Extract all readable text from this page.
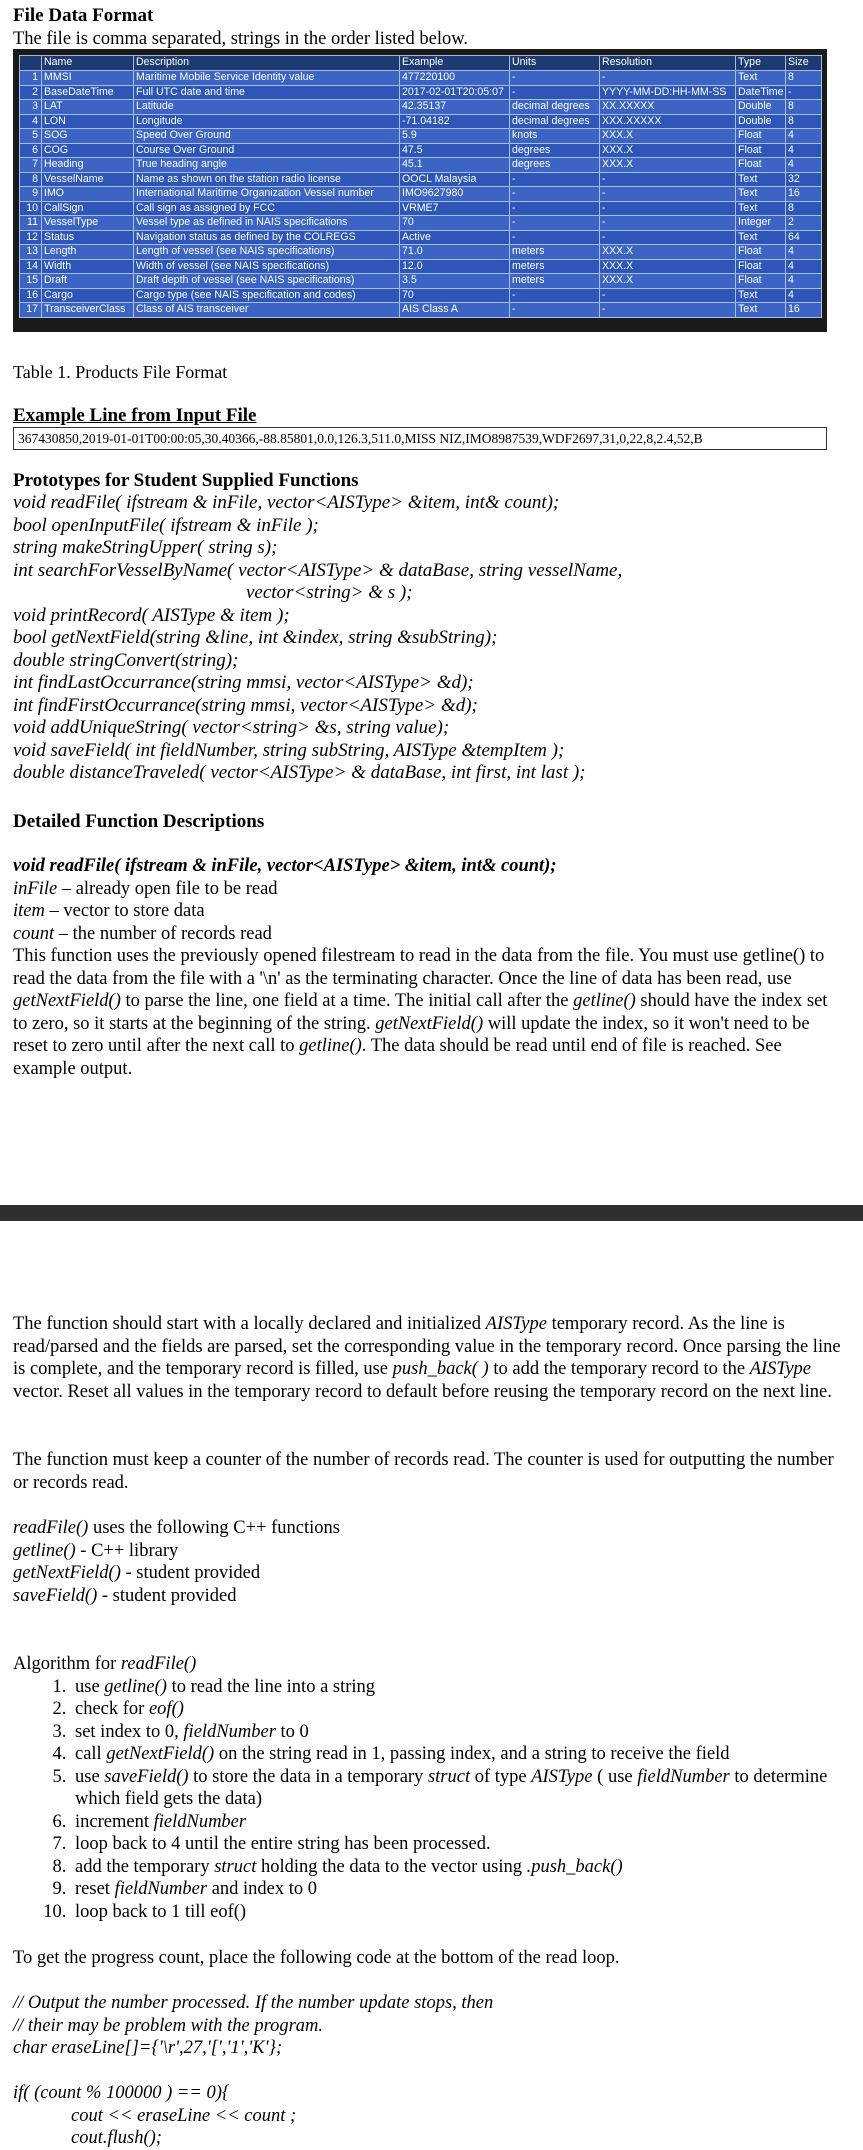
File Data Format
The file is comma separated, strings in the order listed below.
	Name	Description	Example	Units	Resolution	Type	Size
1	MMSI	Maritime Mobile Service Identity value	477220100	-	-	Text	8
2	BaseDateTime	Full UTC date and time	2017-02-01T20:05:07	-	YYYY-MM-DD:HH-MM-SS	DateTime	-
3	LAT	Latitude	42.35137	decimal degrees	XX.XXXXX	Double	8
4	LON	Longitude	-71.04182	decimal degrees	XXX.XXXXX	Double	8
5	SOG	Speed Over Ground	5.9	knots	XXX.X	Float	4
6	COG	Course Over Ground	47.5	degrees	XXX.X	Float	4
7	Heading	True heading angle	45.1	degrees	XXX.X	Float	4
8	VesselName	Name as shown on the station radio license	OOCL Malaysia	-	-	Text	32
9	IMO	International Maritime Organization Vessel number	IMO9627980	-	-	Text	16
10	CallSign	Call sign as assigned by FCC	VRME7	-	-	Text	8
11	VesselType	Vessel type as defined in NAIS specifications	70	-	-	Integer	2
12	Status	Navigation status as defined by the COLREGS	Active	-	-	Text	64
13	Length	Length of vessel (see NAIS specifications)	71.0	meters	XXX.X	Float	4
14	Width	Width of vessel (see NAIS specifications)	12.0	meters	XXX.X	Float	4
15	Draft	Draft depth of vessel (see NAIS specifications)	3.5	meters	XXX.X	Float	4
16	Cargo	Cargo type (see NAIS specification and codes)	70	-	-	Text	4
17	TransceiverClass	Class of AIS transceiver	AIS Class A	-	-	Text	16
Table 1. Products File Format
Example Line from Input File
367430850,2019-01-01T00:00:05,30.40366,-88.85801,0.0,126.3,511.0,MISS NIZ,IMO8987539,WDF2697,31,0,22,8,2.4,52,B
Prototypes for Student Supplied Functions
void readFile( ifstream & inFile, vector<AISType> &item, int& count);
bool openInputFile( ifstream & inFile );
string makeStringUpper( string s);
int searchForVesselByName( vector<AISType> & dataBase, string vesselName,
vector<string> & s );
void printRecord( AISType & item );
bool getNextField(string &line, int &index, string &subString);
double stringConvert(string);
int findLastOccurrance(string mmsi, vector<AISType> &d);
int findFirstOccurrance(string mmsi, vector<AISType> &d);
void addUniqueString( vector<string> &s, string value);
void saveField( int fieldNumber, string subString, AISType &tempItem );
double distanceTraveled( vector<AISType> & dataBase, int first, int last );
Detailed Function Descriptions
void readFile( ifstream & inFile, vector<AISType> &item, int& count);
inFile – already open file to be read
item – vector to store data
count – the number of records read

This function uses the previously opened filestream to read in the data from the file. You must use getline() to read the data from the file with a '\n' as the terminating character. Once the line of data has been read, use getNextField() to parse the line, one field at a time. The initial call after the getline() should have the index set to zero, so it starts at the beginning of the string. getNextField() will update the index, so it won't need to be reset to zero until after the next call to getline(). The data should be read until end of file is reached. See example output.

The function should start with a locally declared and initialized AISType temporary record. As the line is read/parsed and the fields are parsed, set the corresponding value in the temporary record. Once parsing the line is complete, and the temporary record is filled, use push_back( ) to add the temporary record to the AISType vector. Reset all values in the temporary record to default before reusing the temporary record on the next line.

The function must keep a counter of the number of records read. The counter is used for outputting the number or records read.

readFile() uses the following C++ functions
getline() - C++ library
getNextField() - student provided
saveField() - student provided
Algorithm for readFile()
1. use getline() to read the line into a string
2. check for eof()
3. set index to 0, fieldNumber to 0
4. call getNextField() on the string read in 1, passing index, and a string to receive the field
5. use saveField() to store the data in a temporary struct of type AISType ( use fieldNumber to determine which field gets the data)
6. increment fieldNumber
7. loop back to 4 until the entire string has been processed.
8. add the temporary struct holding the data to the vector using .push_back()
9. reset fieldNumber and index to 0
10. loop back to 1 till eof()
To get the progress count, place the following code at the bottom of the read loop.
// Output the number processed. If the number update stops, then
// their may be problem with the program.
char eraseLine[]={'\r',27,'[','1','K'};
if( (count % 100000 ) == 0){
cout << eraseLine << count ;
cout.flush();
